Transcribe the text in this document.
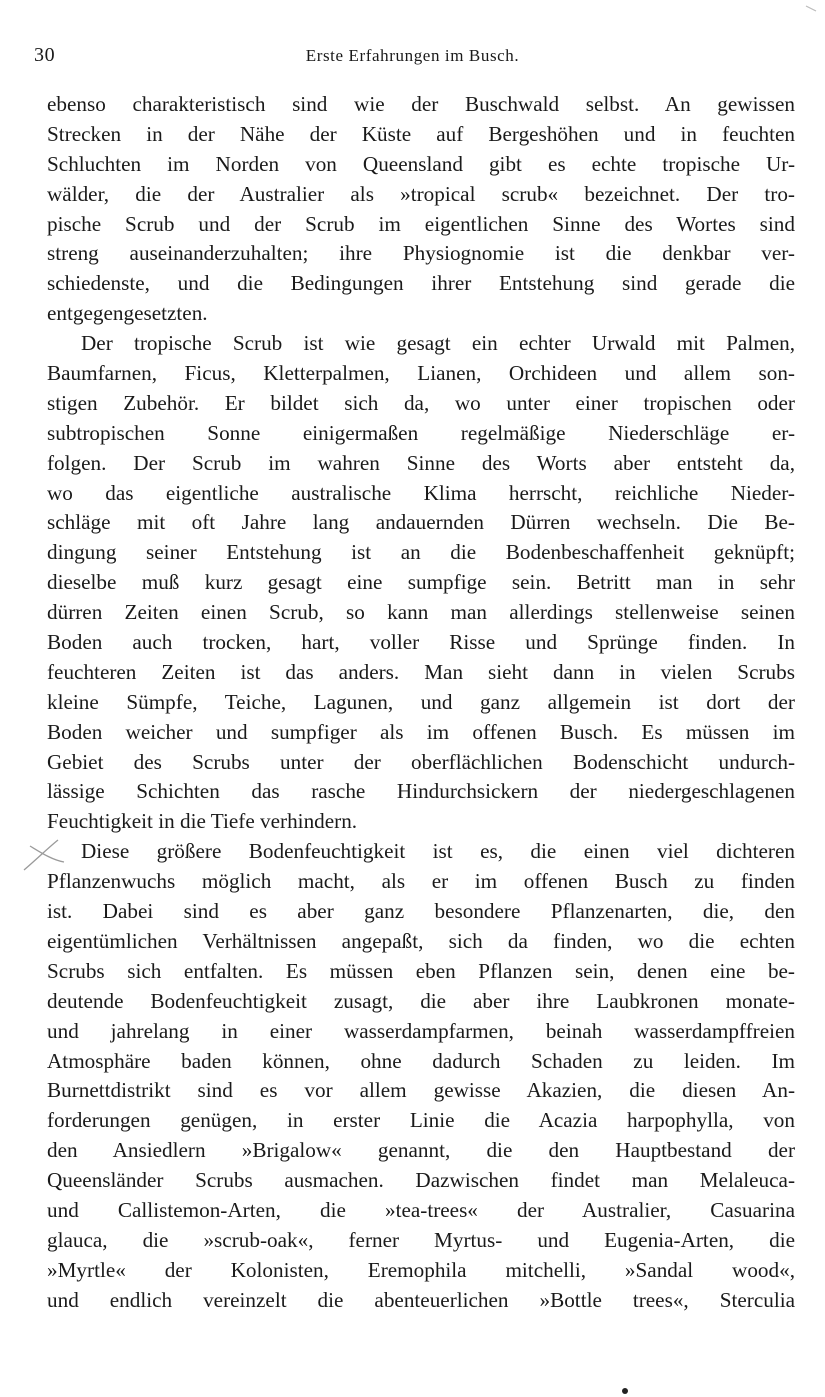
30	Erste Erfahrungen im Busch.
ebenso charakteristisch sind wie der Buschwald selbst. An gewissen
Strecken in der Nähe der Küste auf Bergeshöhen und in feuchten
Schluchten im Norden von Queensland gibt es echte tropische Ur-
wälder, die der Australier als »tropical scrub« bezeichnet. Der tro-
pische Scrub und der Scrub im eigentlichen Sinne des Wortes sind
streng auseinanderzuhalten; ihre Physiognomie ist die denkbar ver-
schiedenste, und die Bedingungen ihrer Entstehung sind gerade die
entgegengesetzten.
Der tropische Scrub ist wie gesagt ein echter Urwald mit Palmen,
Baumfarnen, Ficus, Kletterpalmen, Lianen, Orchideen und allem son-
stigen Zubehör. Er bildet sich da, wo unter einer tropischen oder
subtropischen Sonne einigermaßen regelmäßige Niederschläge er-
folgen. Der Scrub im wahren Sinne des Worts aber entsteht da,
wo das eigentliche australische Klima herrscht, reichliche Nieder-
schläge mit oft Jahre lang andauernden Dürren wechseln. Die Be-
dingung seiner Entstehung ist an die Bodenbeschaffenheit geknüpft;
dieselbe muß kurz gesagt eine sumpfige sein. Betritt man in sehr
dürren Zeiten einen Scrub, so kann man allerdings stellenweise seinen
Boden auch trocken, hart, voller Risse und Sprünge finden. In
feuchteren Zeiten ist das anders. Man sieht dann in vielen Scrubs
kleine Sümpfe, Teiche, Lagunen, und ganz allgemein ist dort der
Boden weicher und sumpfiger als im offenen Busch. Es müssen im
Gebiet des Scrubs unter der oberflächlichen Bodenschicht undurch-
lässige Schichten das rasche Hindurchsickern der niedergeschlagenen
Feuchtigkeit in die Tiefe verhindern.
Diese größere Bodenfeuchtigkeit ist es, die einen viel dichteren
Pflanzenwuchs möglich macht, als er im offenen Busch zu finden
ist. Dabei sind es aber ganz besondere Pflanzenarten, die, den
eigentümlichen Verhältnissen angepaßt, sich da finden, wo die echten
Scrubs sich entfalten. Es müssen eben Pflanzen sein, denen eine be-
deutende Bodenfeuchtigkeit zusagt, die aber ihre Laubkronen monate-
und jahrelang in einer wasserdampfarmen, beinah wasserdampffreien
Atmosphäre baden können, ohne dadurch Schaden zu leiden. Im
Burnettdistrikt sind es vor allem gewisse Akazien, die diesen An-
forderungen genügen, in erster Linie die Acazia harpophylla, von
den Ansiedlern »Brigalow« genannt, die den Hauptbestand der
Queensländer Scrubs ausmachen. Dazwischen findet man Melaleuca-
und Callistemon-Arten, die »tea-trees« der Australier, Casuarina
glauca, die »scrub-oak«, ferner Myrtus- und Eugenia-Arten, die
»Myrtle« der Kolonisten, Eremophila mitchelli, »Sandal wood«,
und endlich vereinzelt die abenteuerlichen »Bottle trees«, Sterculia
